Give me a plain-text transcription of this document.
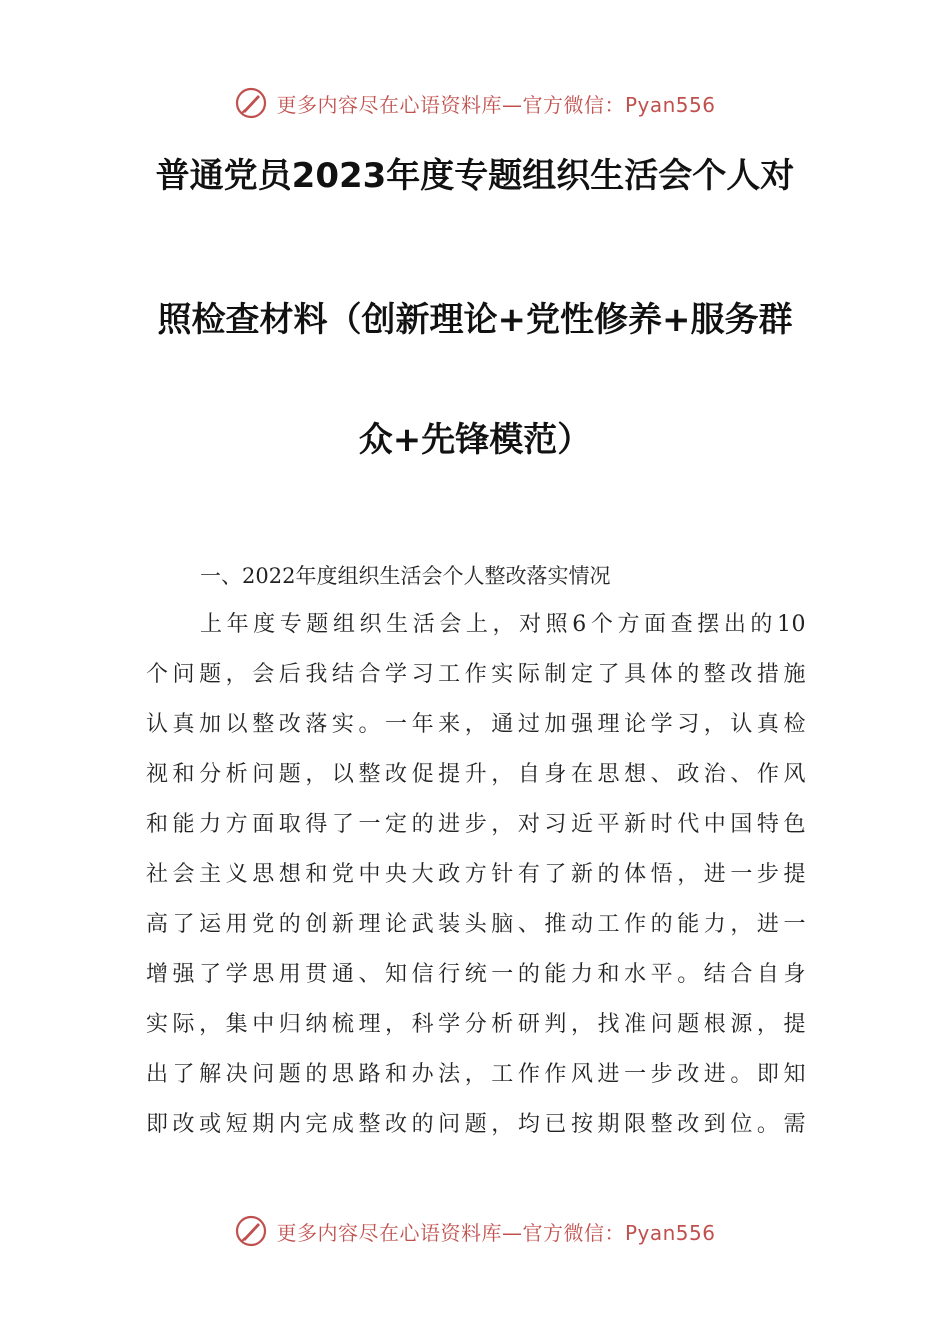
更多内容尽在心语资料库—官方微信：Pyan556
普通党员2023年度专题组织生活会个人对
照检查材料（创新理论+党性修养+服务群
众+先锋模范）
一、2022年度组织生活会个人整改落实情况
上年度专题组织生活会上，对照6个方面查摆出的10
个问题，会后我结合学习工作实际制定了具体的整改措施
认真加以整改落实。一年来，通过加强理论学习，认真检
视和分析问题，以整改促提升，自身在思想、政治、作风
和能力方面取得了一定的进步，对习近平新时代中国特色
社会主义思想和党中央大政方针有了新的体悟，进一步提
高了运用党的创新理论武装头脑、推动工作的能力，进一
增强了学思用贯通、知信行统一的能力和水平。结合自身
实际，集中归纳梳理，科学分析研判，找准问题根源，提
出了解决问题的思路和办法，工作作风进一步改进。即知
即改或短期内完成整改的问题，均已按期限整改到位。需
更多内容尽在心语资料库—官方微信：Pyan556
